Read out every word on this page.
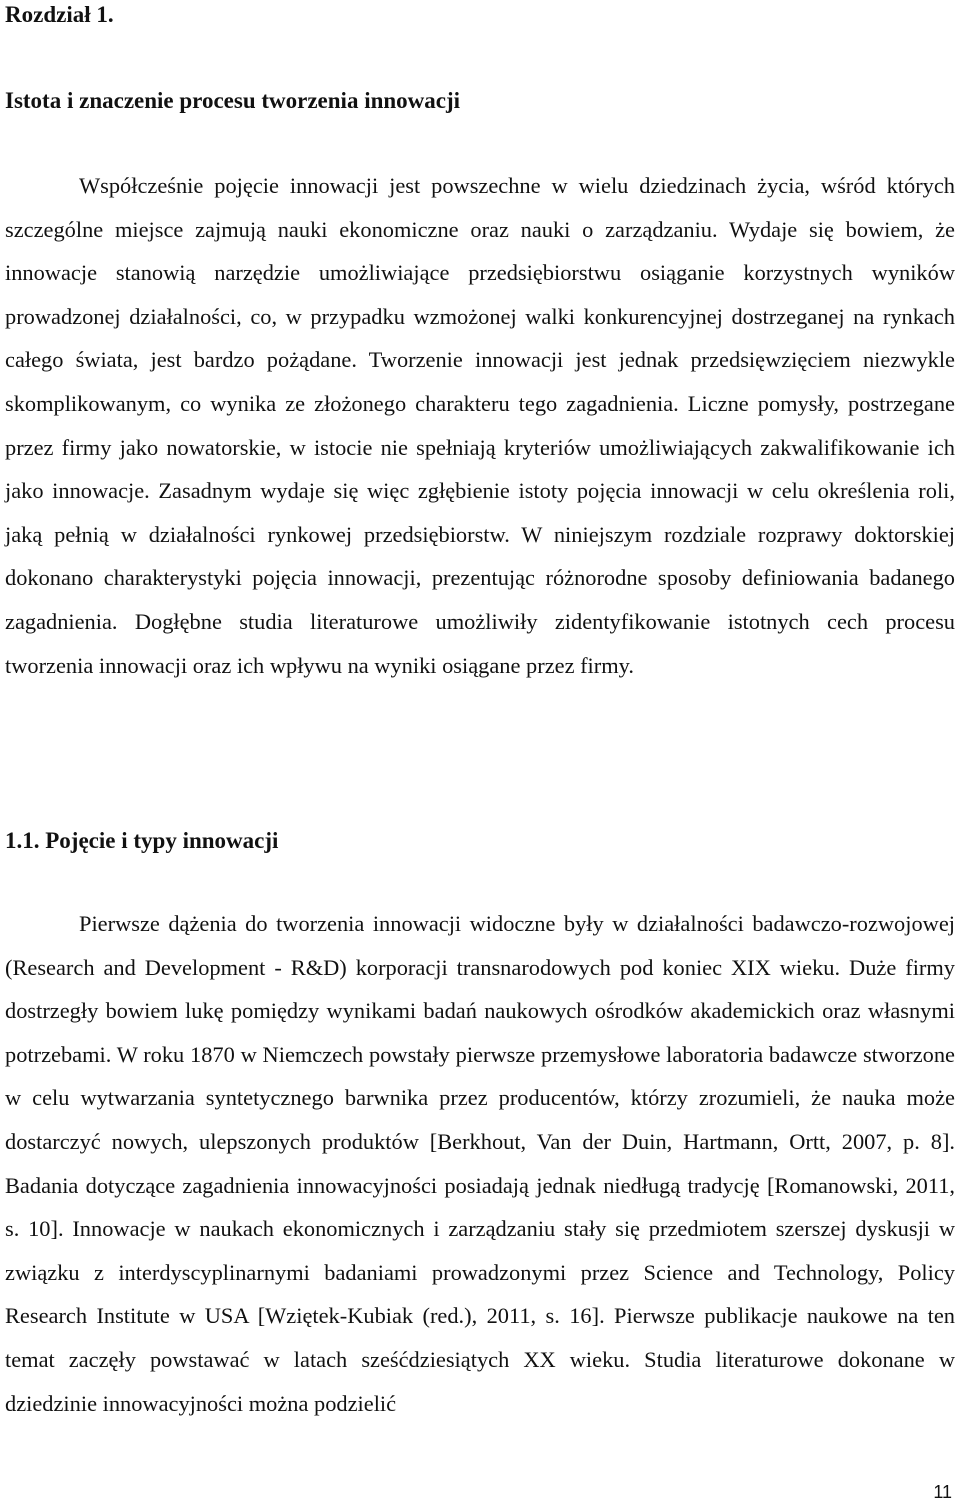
Rozdział 1.
Istota i znaczenie procesu tworzenia innowacji

Współcześnie pojęcie innowacji jest powszechne w wielu dziedzinach życia, wśród których szczególne miejsce zajmują nauki ekonomiczne oraz nauki o zarządzaniu. Wydaje się bowiem, że innowacje stanowią narzędzie umożliwiające przedsiębiorstwu osiąganie korzystnych wyników prowadzonej działalności, co, w przypadku wzmożonej walki konkurencyjnej dostrzeganej na rynkach całego świata, jest bardzo pożądane. Tworzenie innowacji jest jednak przedsięwzięciem niezwykle skomplikowanym, co wynika ze złożonego charakteru tego zagadnienia. Liczne pomysły, postrzegane przez firmy jako nowatorskie, w istocie nie spełniają kryteriów umożliwiających zakwalifikowanie ich jako innowacje. Zasadnym wydaje się więc zgłębienie istoty pojęcia innowacji w celu określenia roli, jaką pełnią w działalności rynkowej przedsiębiorstw. W niniejszym rozdziale rozprawy doktorskiej dokonano charakterystyki pojęcia innowacji, prezentując różnorodne sposoby definiowania badanego zagadnienia. Dogłębne studia literaturowe umożliwiły zidentyfikowanie istotnych cech procesu tworzenia innowacji oraz ich wpływu na wyniki osiągane przez firmy.

1.1. Pojęcie i typy innowacji

Pierwsze dążenia do tworzenia innowacji widoczne były w działalności badawczo-rozwojowej (Research and Development - R&D) korporacji transnarodowych pod koniec XIX wieku. Duże firmy dostrzegły bowiem lukę pomiędzy wynikami badań naukowych ośrodków akademickich oraz własnymi potrzebami. W roku 1870 w Niemczech powstały pierwsze przemysłowe laboratoria badawcze stworzone w celu wytwarzania syntetycznego barwnika przez producentów, którzy zrozumieli, że nauka może dostarczyć nowych, ulepszonych produktów [Berkhout, Van der Duin, Hartmann, Ortt, 2007, p. 8]. Badania dotyczące zagadnienia innowacyjności posiadają jednak niedługą tradycję [Romanowski, 2011, s. 10]. Innowacje w naukach ekonomicznych i zarządzaniu stały się przedmiotem szerszej dyskusji w związku z interdyscyplinarnymi badaniami prowadzonymi przez Science and Technology, Policy Research Institute w USA [Wziętek-Kubiak (red.), 2011, s. 16]. Pierwsze publikacje naukowe na ten temat zaczęły powstawać w latach sześćdziesiątych XX wieku. Studia literaturowe dokonane w dziedzinie innowacyjności można podzielić

11
